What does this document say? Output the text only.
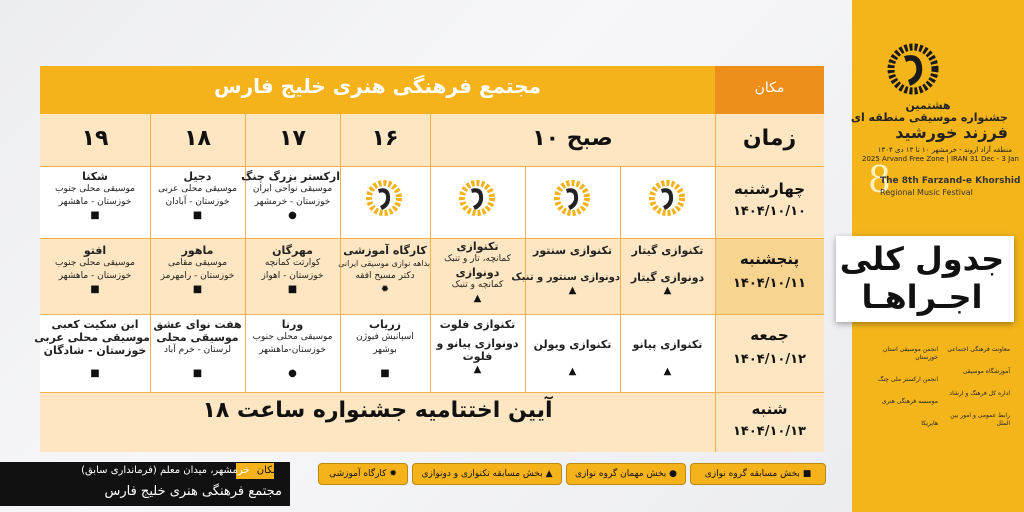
هشتمین
جشنواره موسیقی منطقه ای
فرزند خورشید
منطقه آزاد اروند - خرمشهر ۱۰ تا ۱۳ دی ۱۴۰۴
2025 Arvand Free Zone | IRAN 31 Dec - 3 Jan
8
The 8th Farzand-e Khorshid
Regional Music Festival
جدول کلی
اجـراهـا
معاونت فرهنگی اجتماعی
آموزشگاه موسیقی
اداره کل فرهنگ و ارشاد
رابط عمومی و امور بین الملل
انجمن موسیقی استان خوزستان
انجمن ارکستر ملی چنگ
موسسه فرهنگی هنری
هایریکا
مجتمع فرهنگی هنری خلیج فارس	مکان
زمان
۱۰ صبح
۱۶
۱۷
۱۸
۱۹
چهارشنبه
۱۴۰۴/۱۰/۱۰
پنجشنبه
۱۴۰۴/۱۰/۱۱
جمعه
۱۴۰۴/۱۰/۱۲
شنبه
۱۴۰۴/۱۰/۱۳
آیین اختتامیه جشنواره ساعت ۱۸
ارکستر بزرگ چنگ
موسیقی نواحی ایران
خوزستان - خرمشهر
●
دجیل
موسیقی محلی عربی
خوزستان - آبادان
■
شکنا
موسیقی محلی جنوب
خوزستان - ماهشهر
■
تکنوازی گیتار
دونوازی گیتار
▲
تکنوازی سنتور
دونوازی سنتور و تنبک
▲
تکنوازی
کمانچه، تار و تنبک
دونوازی
کمانچه و تنبک
▲
کارگاه آموزشی
بداهه نوازی موسیقی ایرانی
دکتر مسیح افقه
✹
مهرگان
کوارتت کمانچه
خوزستان - اهواز
■
ماهور
موسیقی مقامی
خوزستان - رامهرمز
■
افتو
موسیقی محلی جنوب
خوزستان - ماهشهر
■
تکنوازی پیانو
▲
تکنوازی ویولن
▲
تکنوازی فلوت
دونوازی پیانو و
فلوت
▲
زریاب
اسپانیش فیوژن
بوشهر
■
ورنا
موسیقی محلی جنوب
خوزستان-ماهشهر
●
هفت نوای عشق
موسیقی محلی
لرستان - خرم آباد
■
ابن سکیت کعبی
موسیقی محلی عربی
خوزستان - شادگان
■
مکان خرمشهر، میدان معلم (فرمانداری سابق)
مجتمع فرهنگی هنری خلیج فارس
■ بخش مسابقه گروه نوازی
● بخش مهمان گروه نوازی
▲ بخش مسابقه تکنوازی و دونوازی
✹ کارگاه آموزشی
